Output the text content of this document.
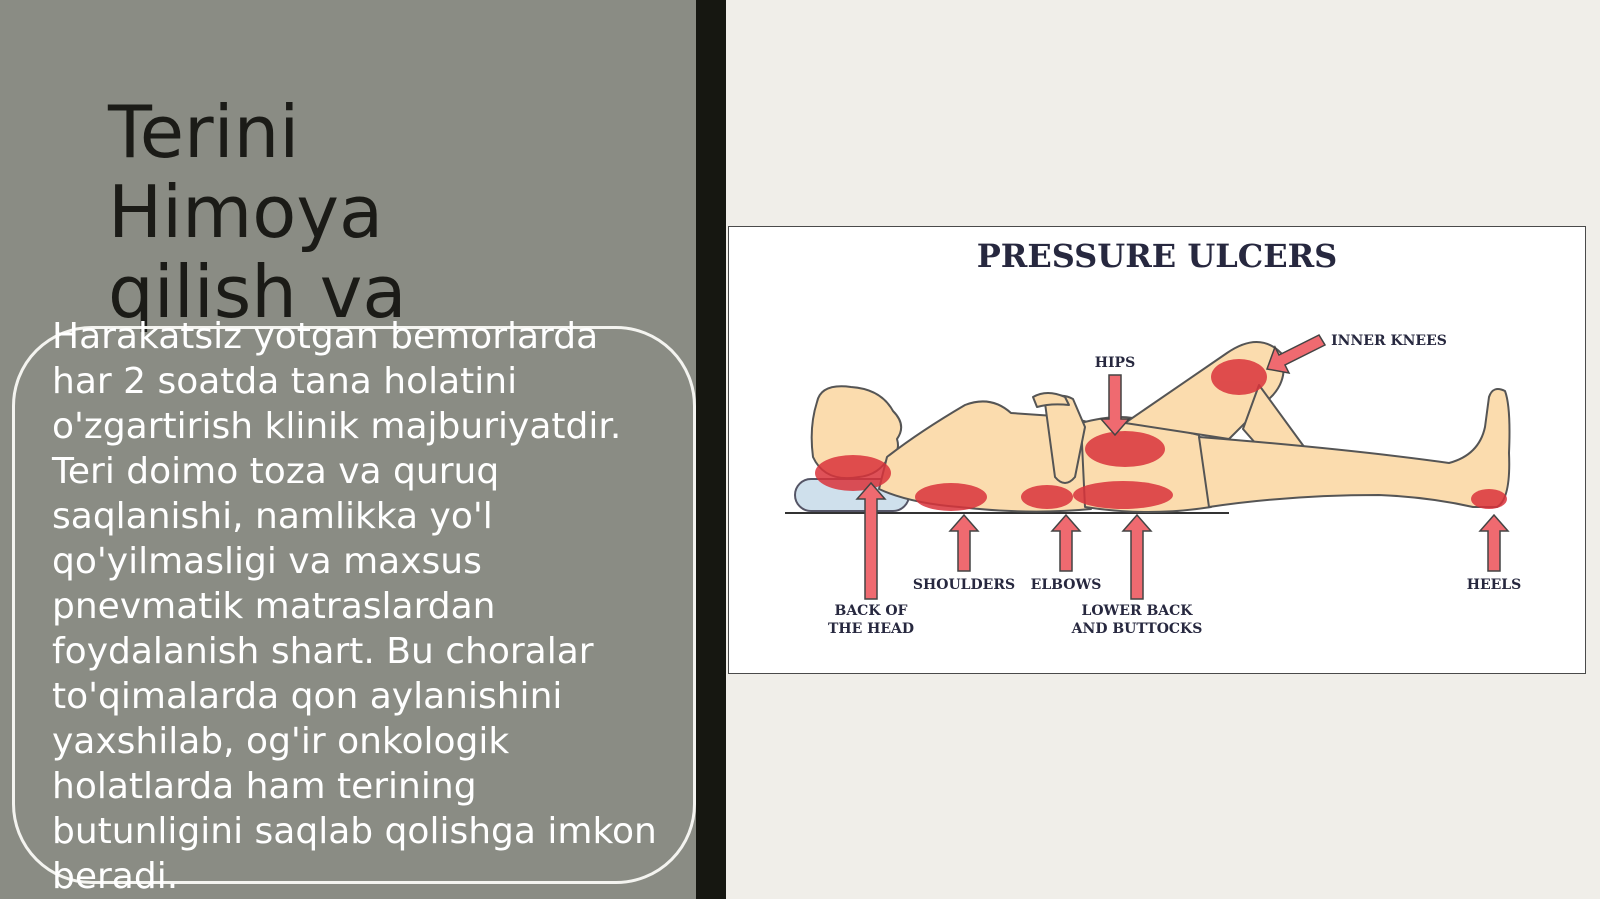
Terini
Himoya
qilish va

Harakatsiz yotgan bemorlarda har 2 soatda tana holatini o'zgartirish klinik majburiyatdir. Teri doimo toza va quruq saqlanishi, namlikka yo'l qo'yilmasligi va maxsus pnevmatik matraslardan foydalanish shart. Bu choralar to'qimalarda qon aylanishini yaxshilab, og'ir onkologik holatlarda ham terining butunligini saqlab qolishga imkon beradi.

PRESSURE ULCERS
HIPS
INNER KNEES
SHOULDERS ELBOWS	HEELS
BACK OF
THE HEAD
LOWER BACK
AND BUTTOCKS
